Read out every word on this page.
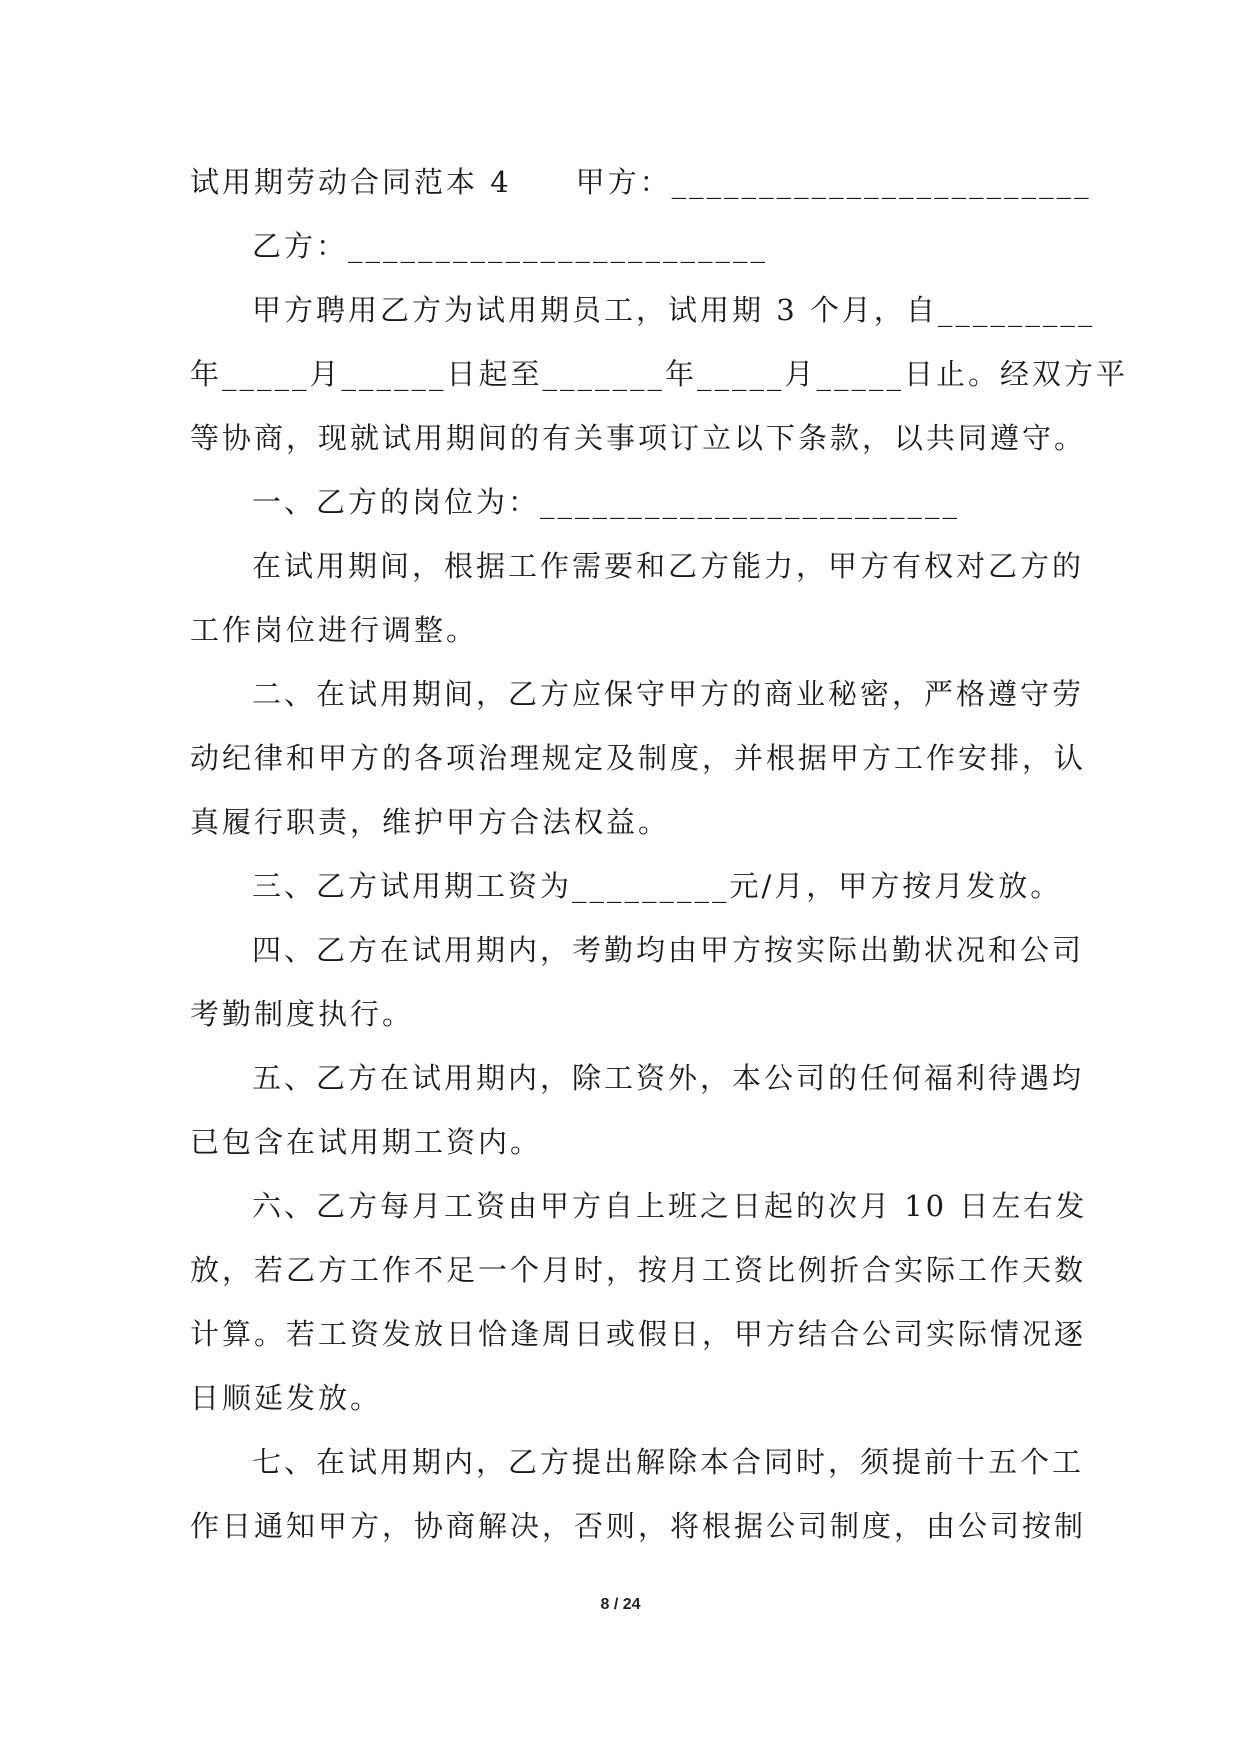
试用期劳动合同范本 4　　甲方：________________________
乙方：________________________
甲方聘用乙方为试用期员工，试用期 3 个月，自_________
年_____月______日起至_______年_____月_____日止。经双方平
等协商，现就试用期间的有关事项订立以下条款，以共同遵守。
一、乙方的岗位为：________________________
在试用期间，根据工作需要和乙方能力，甲方有权对乙方的
工作岗位进行调整。
二、在试用期间，乙方应保守甲方的商业秘密，严格遵守劳
动纪律和甲方的各项治理规定及制度，并根据甲方工作安排，认
真履行职责，维护甲方合法权益。
三、乙方试用期工资为_________元/月，甲方按月发放。
四、乙方在试用期内，考勤均由甲方按实际出勤状况和公司
考勤制度执行。
五、乙方在试用期内，除工资外，本公司的任何福利待遇均
已包含在试用期工资内。
六、乙方每月工资由甲方自上班之日起的次月 10 日左右发
放，若乙方工作不足一个月时，按月工资比例折合实际工作天数
计算。若工资发放日恰逢周日或假日，甲方结合公司实际情况逐
日顺延发放。
七、在试用期内，乙方提出解除本合同时，须提前十五个工
作日通知甲方，协商解决，否则，将根据公司制度，由公司按制
8 / 24
